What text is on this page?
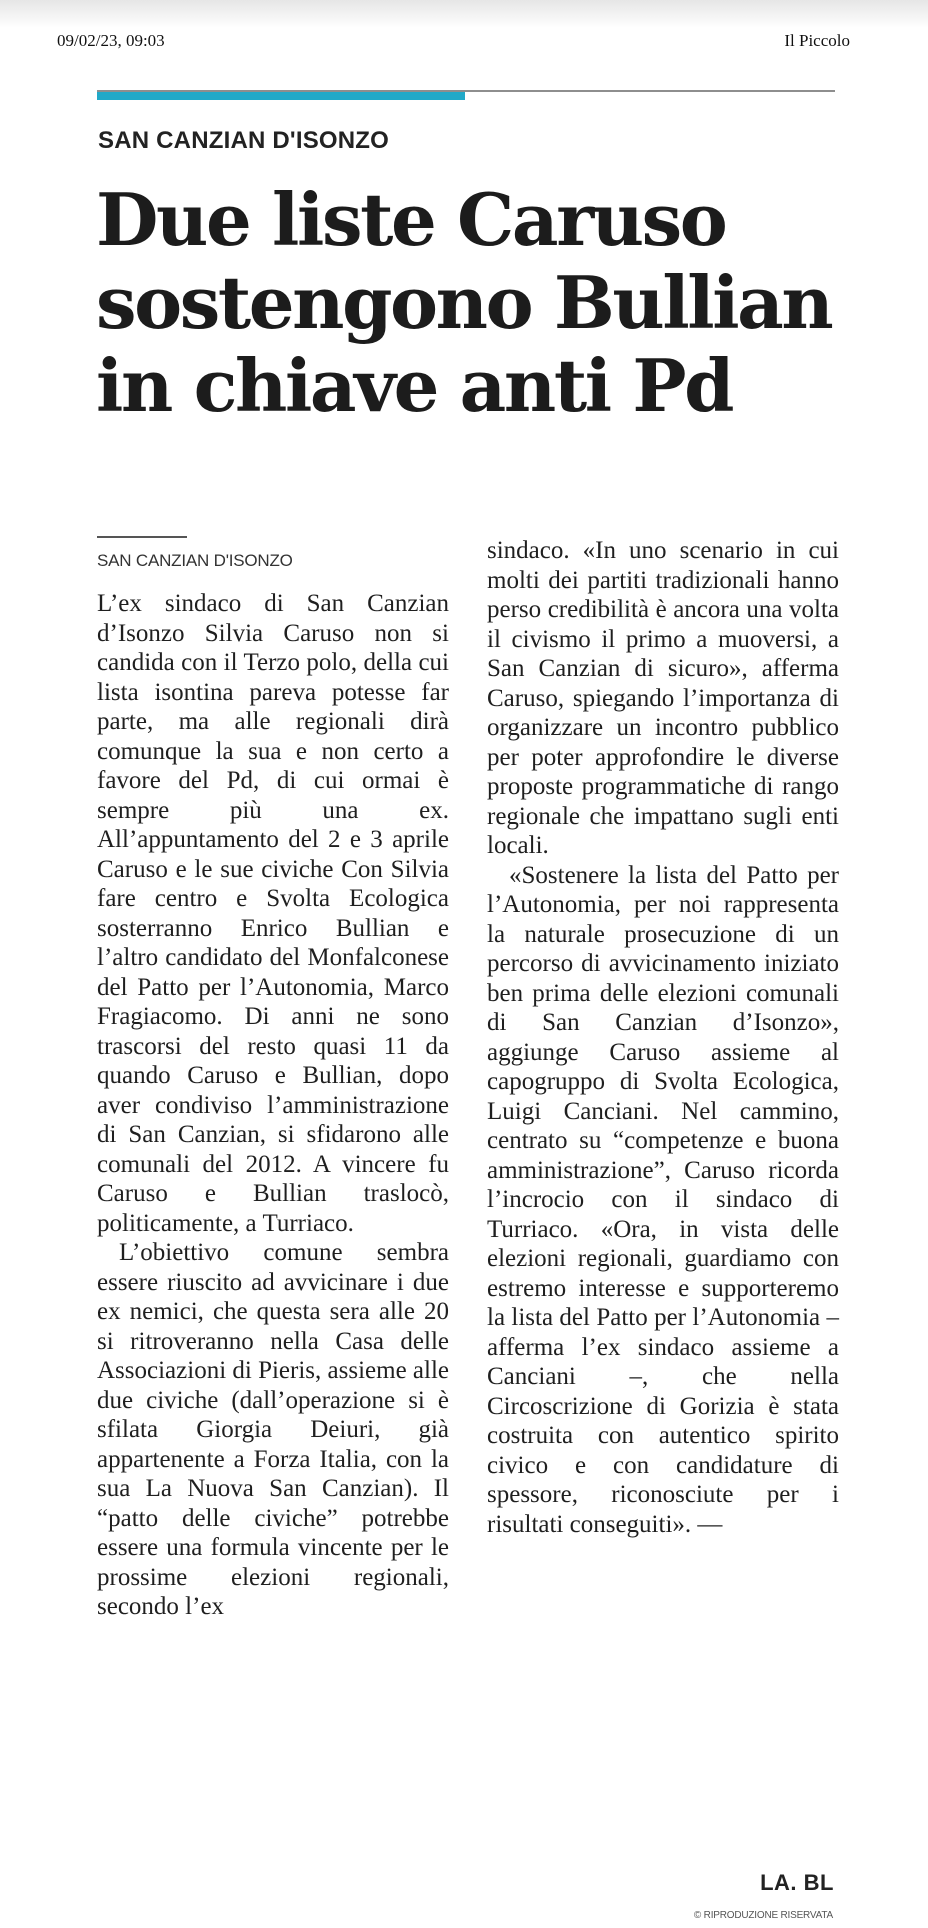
09/02/23, 09:03	Il Piccolo
SAN CANZIAN D'ISONZO
Due liste Caruso
sostengono Bullian
in chiave anti Pd
SAN CANZIAN D'ISONZO

L’ex sindaco di San Canzian d’Isonzo Silvia Caruso non si candida con il Terzo polo, della cui lista isontina pareva potesse far parte, ma alle regionali dirà comunque la sua e non certo a favore del Pd, di cui ormai è sempre più una ex. All’appuntamento del 2 e 3 aprile Caruso e le sue civiche Con Silvia fare centro e Svolta Ecologica sosterranno Enrico Bullian e l’altro candidato del Monfalconese del Patto per l’Autonomia, Marco Fragiacomo. Di anni ne sono trascorsi del resto quasi 11 da quando Caruso e Bullian, dopo aver condiviso l’amministrazione di San Canzian, si sfidarono alle comunali del 2012. A vincere fu Caruso e Bullian traslocò, politicamente, a Turriaco.

L’obiettivo comune sembra essere riuscito ad avvicinare i due ex nemici, che questa sera alle 20 si ritroveranno nella Casa delle Associazioni di Pieris, assieme alle due civiche (dall’operazione si è sfilata Giorgia Deiuri, già appartenente a Forza Italia, con la sua La Nuova San Canzian). Il “patto delle civiche” potrebbe essere una formula vincente per le prossime elezioni regionali, secondo l’ex

sindaco. «In uno scenario in cui molti dei partiti tradizionali hanno perso credibilità è ancora una volta il civismo il primo a muoversi, a San Canzian di sicuro», afferma Caruso, spiegando l’importanza di organizzare un incontro pubblico per poter approfondire le diverse proposte programmatiche di rango regionale che impattano sugli enti locali.

«Sostenere la lista del Patto per l’Autonomia, per noi rappresenta la naturale prosecuzione di un percorso di avvicinamento iniziato ben prima delle elezioni comunali di San Canzian d’Isonzo», aggiunge Caruso assieme al capogruppo di Svolta Ecologica, Luigi Canciani. Nel cammino, centrato su “competenze e buona amministrazione”, Caruso ricorda l’incrocio con il sindaco di Turriaco. «Ora, in vista delle elezioni regionali, guardiamo con estremo interesse e supporteremo la lista del Patto per l’Autonomia – afferma l’ex sindaco assieme a Canciani –, che nella Circoscrizione di Gorizia è stata costruita con autentico spirito civico e con candidature di spessore, riconosciute per i risultati conseguiti». —

LA. BL

© RIPRODUZIONE RISERVATA
